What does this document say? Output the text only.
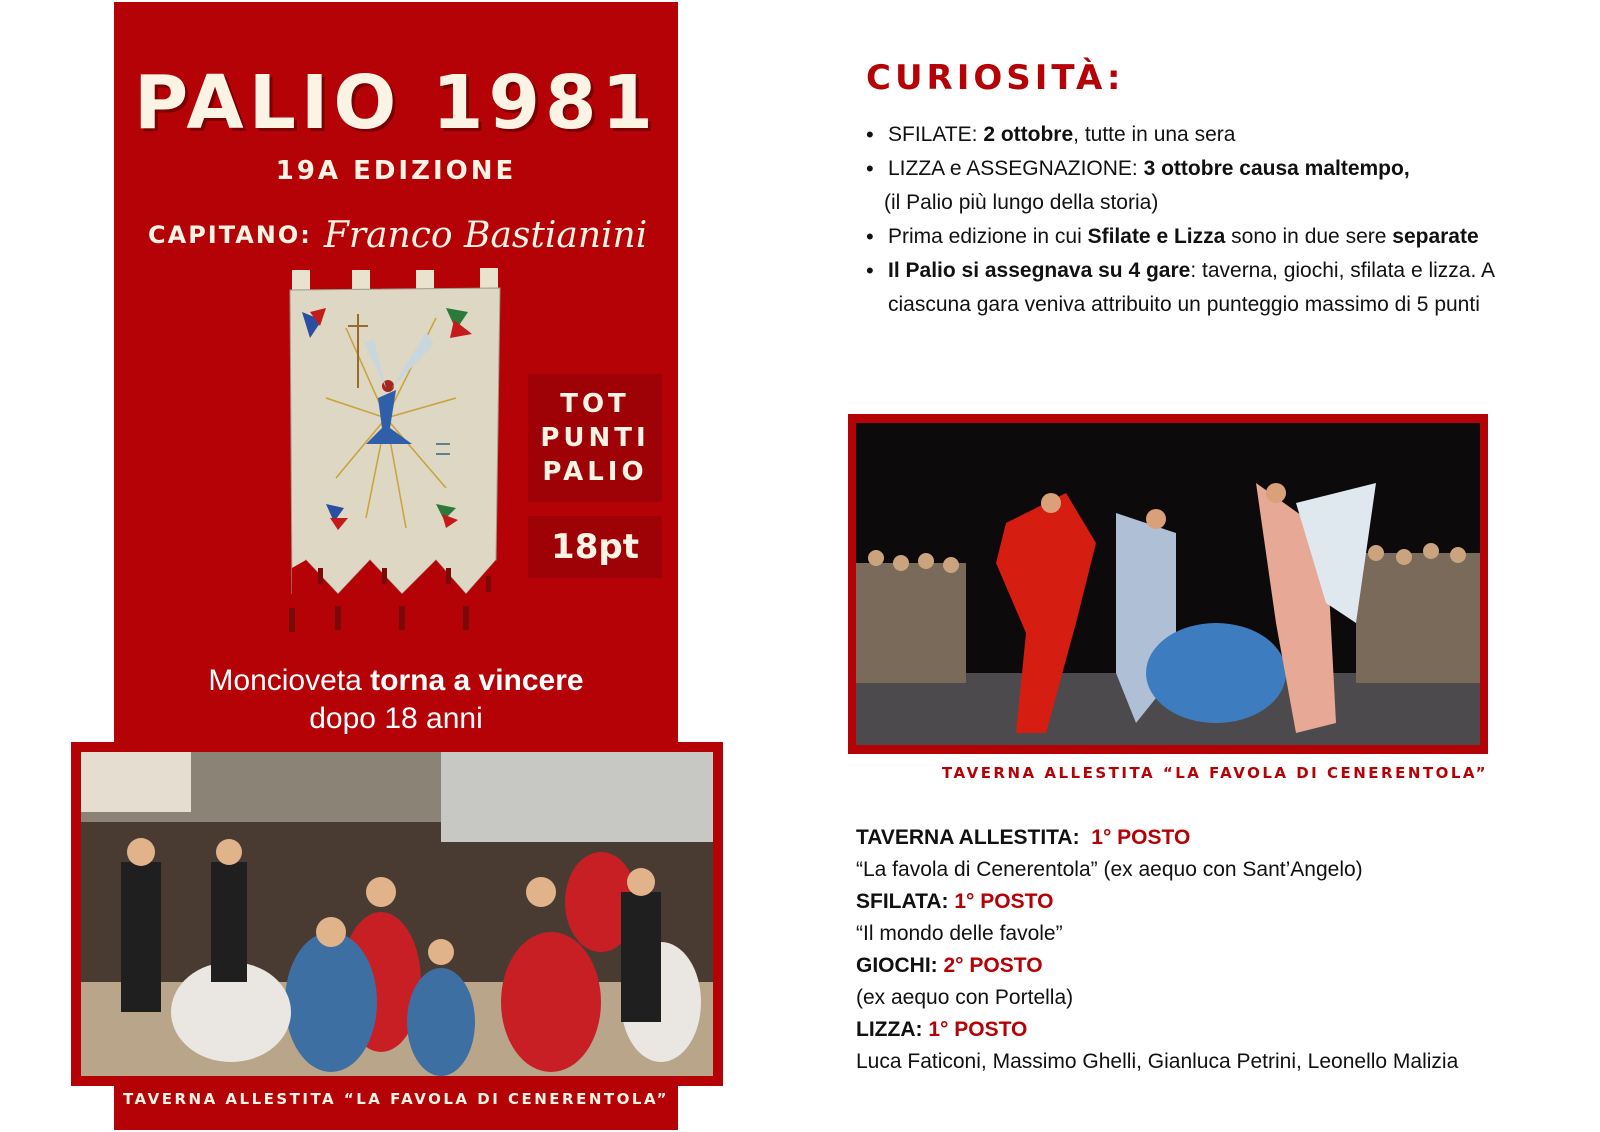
PALIO 1981
19A EDIZIONE
CAPITANO: Franco Bastianini
TOT
PUNTI
PALIO
18pt
Moncioveta torna a vincere
dopo 18 anni
TAVERNA ALLESTITA “LA FAVOLA DI CENERENTOLA”
CURIOSITÀ:
• SFILATE: 2 ottobre, tutte in una sera
• LIZZA e ASSEGNAZIONE: 3 ottobre causa maltempo,
(il Palio più lungo della storia)
• Prima edizione in cui Sfilate e Lizza sono in due sere separate
• Il Palio si assegnava su 4 gare: taverna, giochi, sfilata e lizza. A ciascuna gara veniva attribuito un punteggio massimo di 5 punti
TAVERNA ALLESTITA “LA FAVOLA DI CENERENTOLA”
TAVERNA ALLESTITA:  1° POSTO
“La favola di Cenerentola” (ex aequo con Sant’Angelo)
SFILATA: 1° POSTO
“Il mondo delle favole”
GIOCHI: 2° POSTO
(ex aequo con Portella)
LIZZA: 1° POSTO
Luca Faticoni, Massimo Ghelli, Gianluca Petrini, Leonello Malizia
